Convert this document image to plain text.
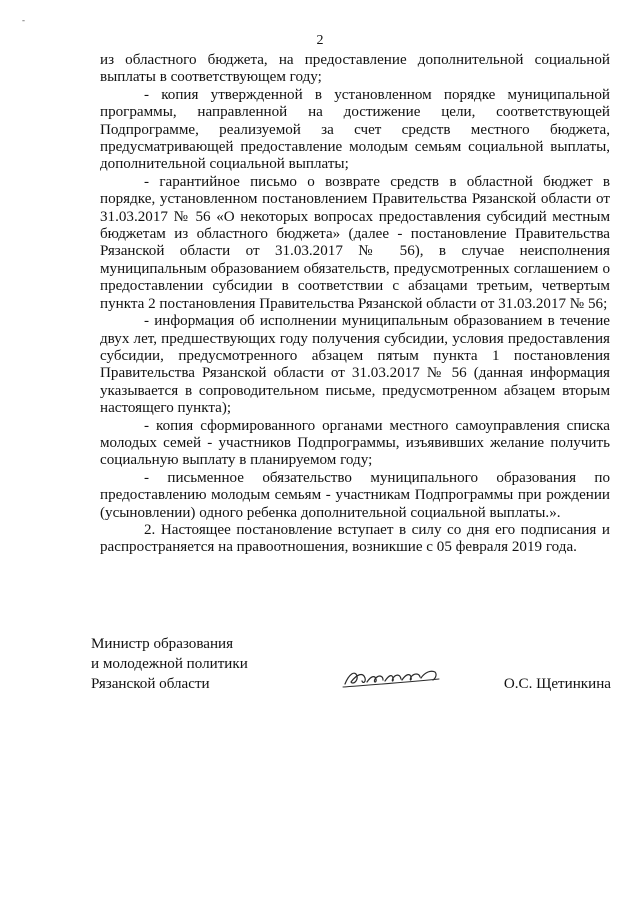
-
2

из областного бюджета, на предоставление дополнительной социальной выплаты в соответствующем году;

- копия утвержденной в установленном порядке муниципальной программы, направленной на достижение цели, соответствующей Подпрограмме, реализуемой за счет средств местного бюджета, предусматривающей предоставление молодым семьям социальной выплаты, дополнительной социальной выплаты;

- гарантийное письмо о возврате средств в областной бюджет в порядке, установленном постановлением Правительства Рязанской области от 31.03.2017 № 56 «О некоторых вопросах предоставления субсидий местным бюджетам из областного бюджета» (далее - постановление Правительства Рязанской области от 31.03.2017 № 56), в случае неисполнения муниципальным образованием обязательств, предусмотренных соглашением о предоставлении субсидии в соответствии с абзацами третьим, четвертым пункта 2 постановления Правительства Рязанской области от 31.03.2017 № 56;

- информация об исполнении муниципальным образованием в течение двух лет, предшествующих году получения субсидии, условия предоставления субсидии, предусмотренного абзацем пятым пункта 1 постановления Правительства Рязанской области от 31.03.2017 № 56 (данная информация указывается в сопроводительном письме, предусмотренном абзацем вторым настоящего пункта);

- копия сформированного органами местного самоуправления списка молодых семей - участников Подпрограммы, изъявивших желание получить социальную выплату в планируемом году;

- письменное обязательство муниципального образования по предоставлению молодым семьям - участникам Подпрограммы при рождении (усыновлении) одного ребенка дополнительной социальной выплаты.».

2. Настоящее постановление вступает в силу со дня его подписания и распространяется на правоотношения, возникшие с 05 февраля 2019 года.

Министр образования
и молодежной политики
Рязанской области	О.С. Щетинкина
